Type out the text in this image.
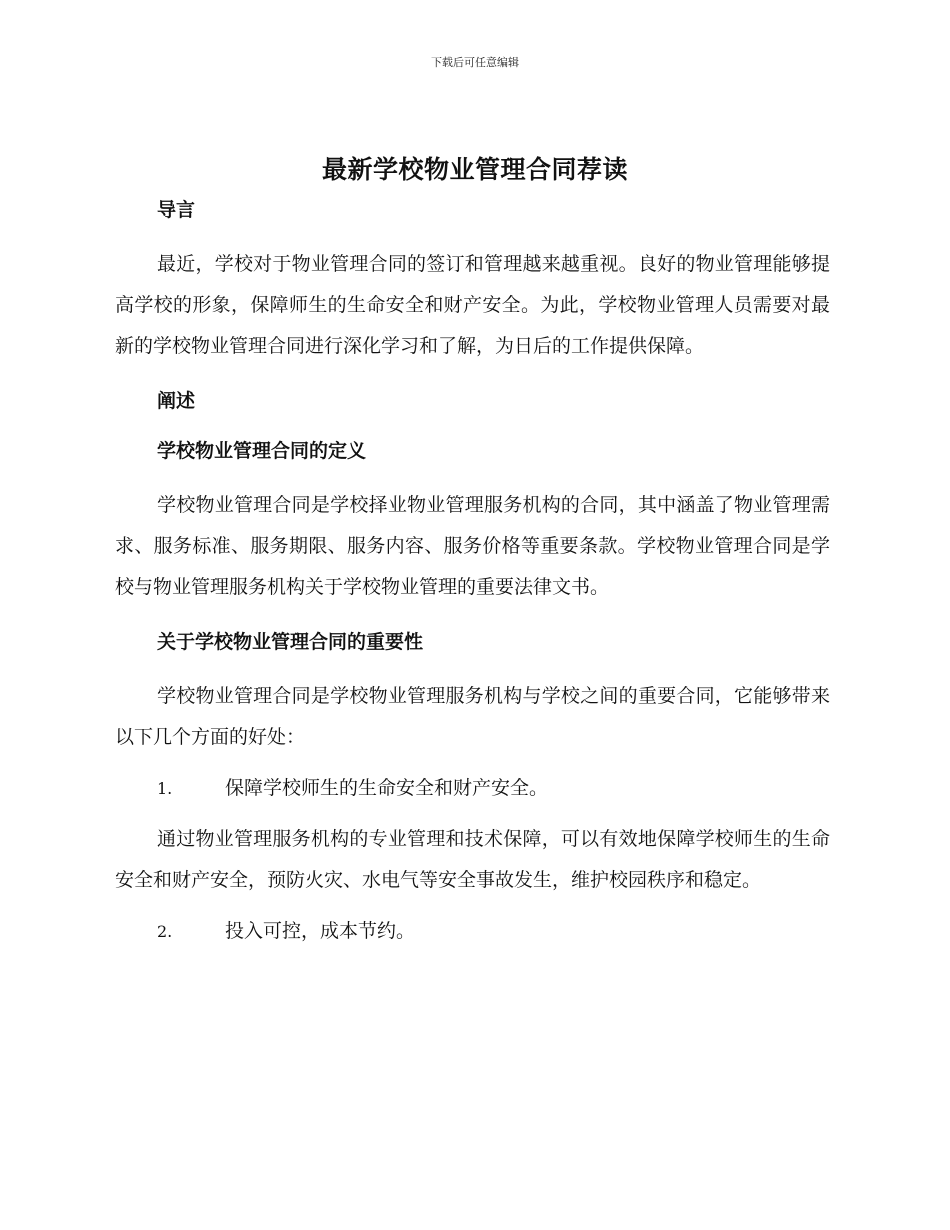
下载后可任意编辑
最新学校物业管理合同荐读

导言

最近，学校对于物业管理合同的签订和管理越来越重视。良好的物业管理能够提高学校的形象，保障师生的生命安全和财产安全。为此，学校物业管理人员需要对最新的学校物业管理合同进行深化学习和了解，为日后的工作提供保障。

阐述

学校物业管理合同的定义

学校物业管理合同是学校择业物业管理服务机构的合同，其中涵盖了物业管理需求、服务标准、服务期限、服务内容、服务价格等重要条款。学校物业管理合同是学校与物业管理服务机构关于学校物业管理的重要法律文书。

关于学校物业管理合同的重要性

学校物业管理合同是学校物业管理服务机构与学校之间的重要合同，它能够带来以下几个方面的好处：

1.	保障学校师生的生命安全和财产安全。

通过物业管理服务机构的专业管理和技术保障，可以有效地保障学校师生的生命安全和财产安全，预防火灾、水电气等安全事故发生，维护校园秩序和稳定。

2.	投入可控，成本节约。
